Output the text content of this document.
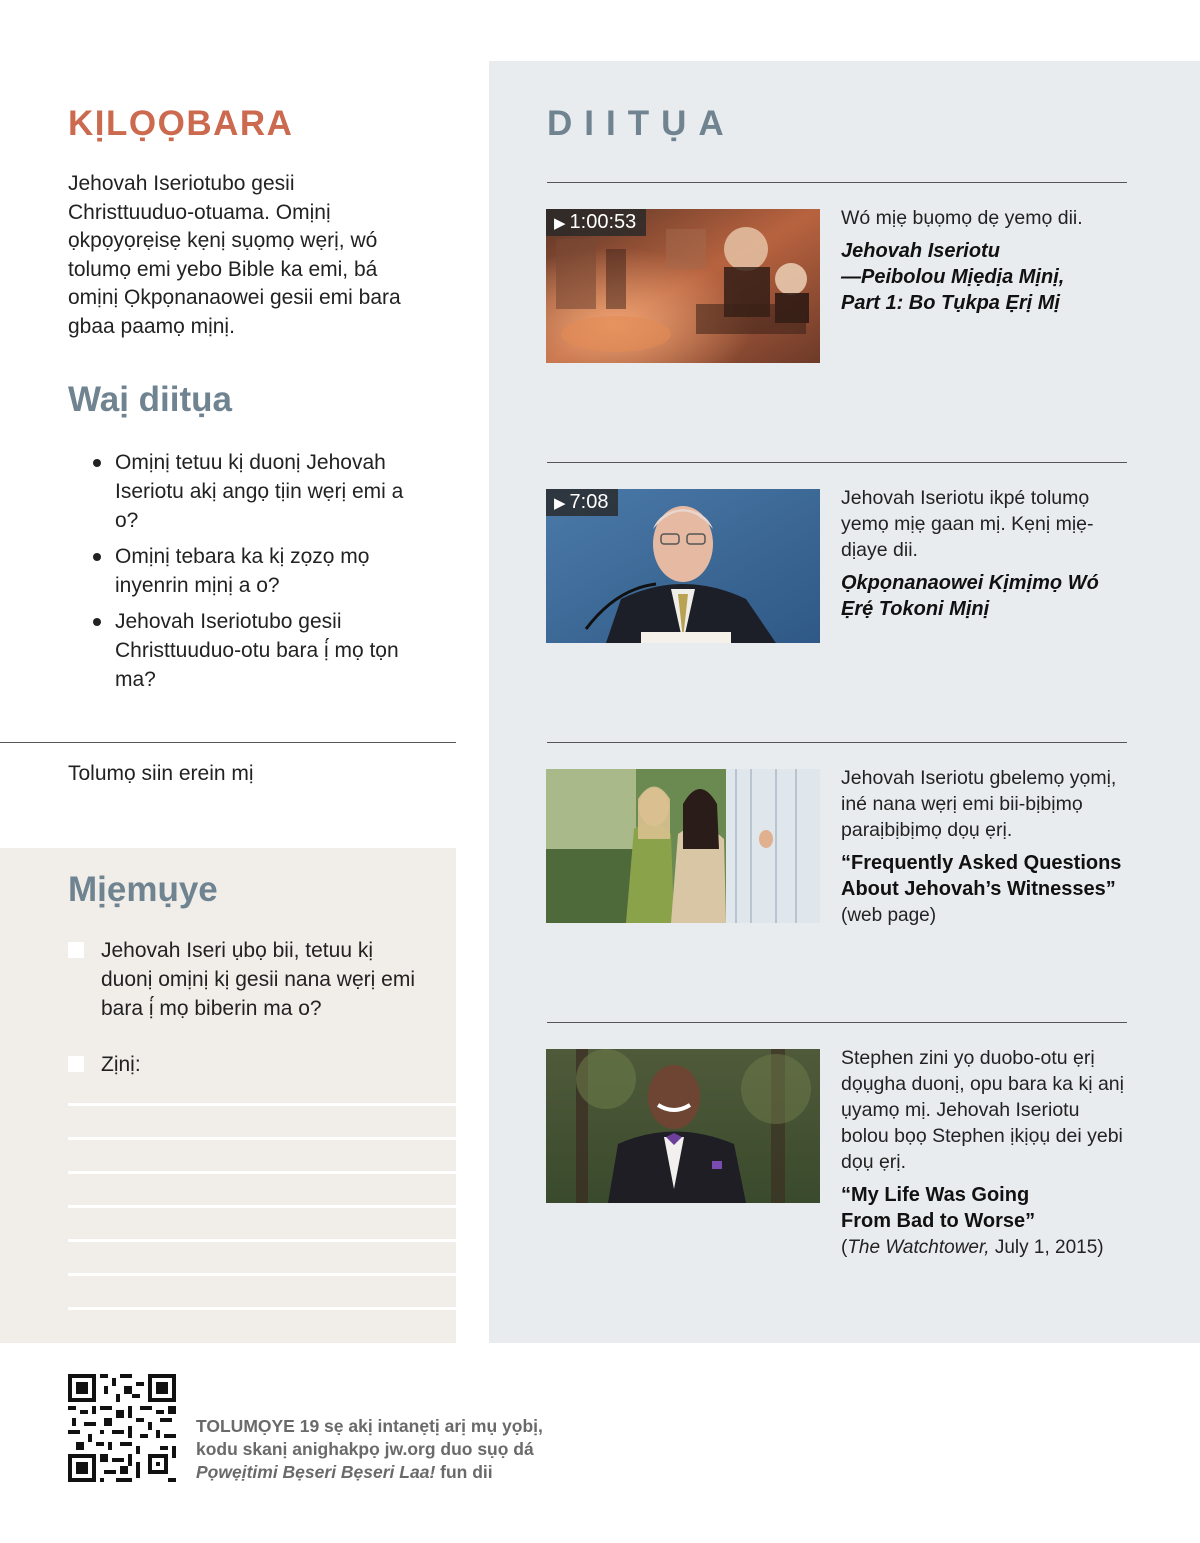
KỊLỌỌBARA

Jehovah Iseriotubo gesii Christtuuduo-otuama. Omịnị ọkpọyọrẹisẹ kẹnị sụọmọ wẹrị, wó tolumọ emi yebo Bible ka emi, bá omịnị Ọkpọnanaowei gesii emi bara gbaa paamọ mịnị.

Waị diitụa
Omịnị tetuu kị duonị Jehovah Iseriotu akị angọ tịin wẹrị emi a o?
Omịnị tebara ka kị zọzọ mọ inyenrin mịnị a o?
Jehovah Iseriotubo gesii Christtuuduo-otu bara ị́ mọ tọn ma?
Tolumọ siin erein mị
Mịẹmụye
Jehovah Iseri ụbọ bii, tetuu kị duonị omịnị kị gesii nana wẹrị emi bara ị́ mọ biberin ma o?
Zịnị:
DIITỤA
▶ 1:00:53	Wó mịẹ bụọmọ dẹ yemọ dii.

Jehovah Iseriotu
—Peibolou Mịẹdịa Mịnị,
Part 1: Bo Tụkpa Ẹrị Mị
▶ 7:08	Jehovah Iseriotu ikpé tolumọ yemọ mịẹ gaan mị. Kẹnị mịẹ-dịaye dii.

Ọkpọnanaowei Kịmịmọ Wó
Ẹrẹ́ Tokoni Mịnị

Jehovah Iseriotu gbelemọ yọmị, iné nana wẹrị emi bii-bịbịmọ paraịbịbịmọ dọụ ẹrị.

“Frequently Asked Questions
About Jehovah’s Witnesses”
(web page)

Stephen zini yọ duobo-otu ẹrị dọụgha duonị, opu bara ka kị anị ụyamọ mị. Jehovah Iseriotu bolou bọọ Stephen ịkịọụ dei yebi dọụ ẹrị.

“My Life Was Going
From Bad to Worse”
(The Watchtower, July 1, 2015)
TOLUMỌYE 19 sẹ akị intanẹtị arị mụ yọbị,
kodu skanị anighakpọ jw.org duo sụọ dá
Pọwẹịtimi Bẹseri Bẹseri Laa! fun dii
